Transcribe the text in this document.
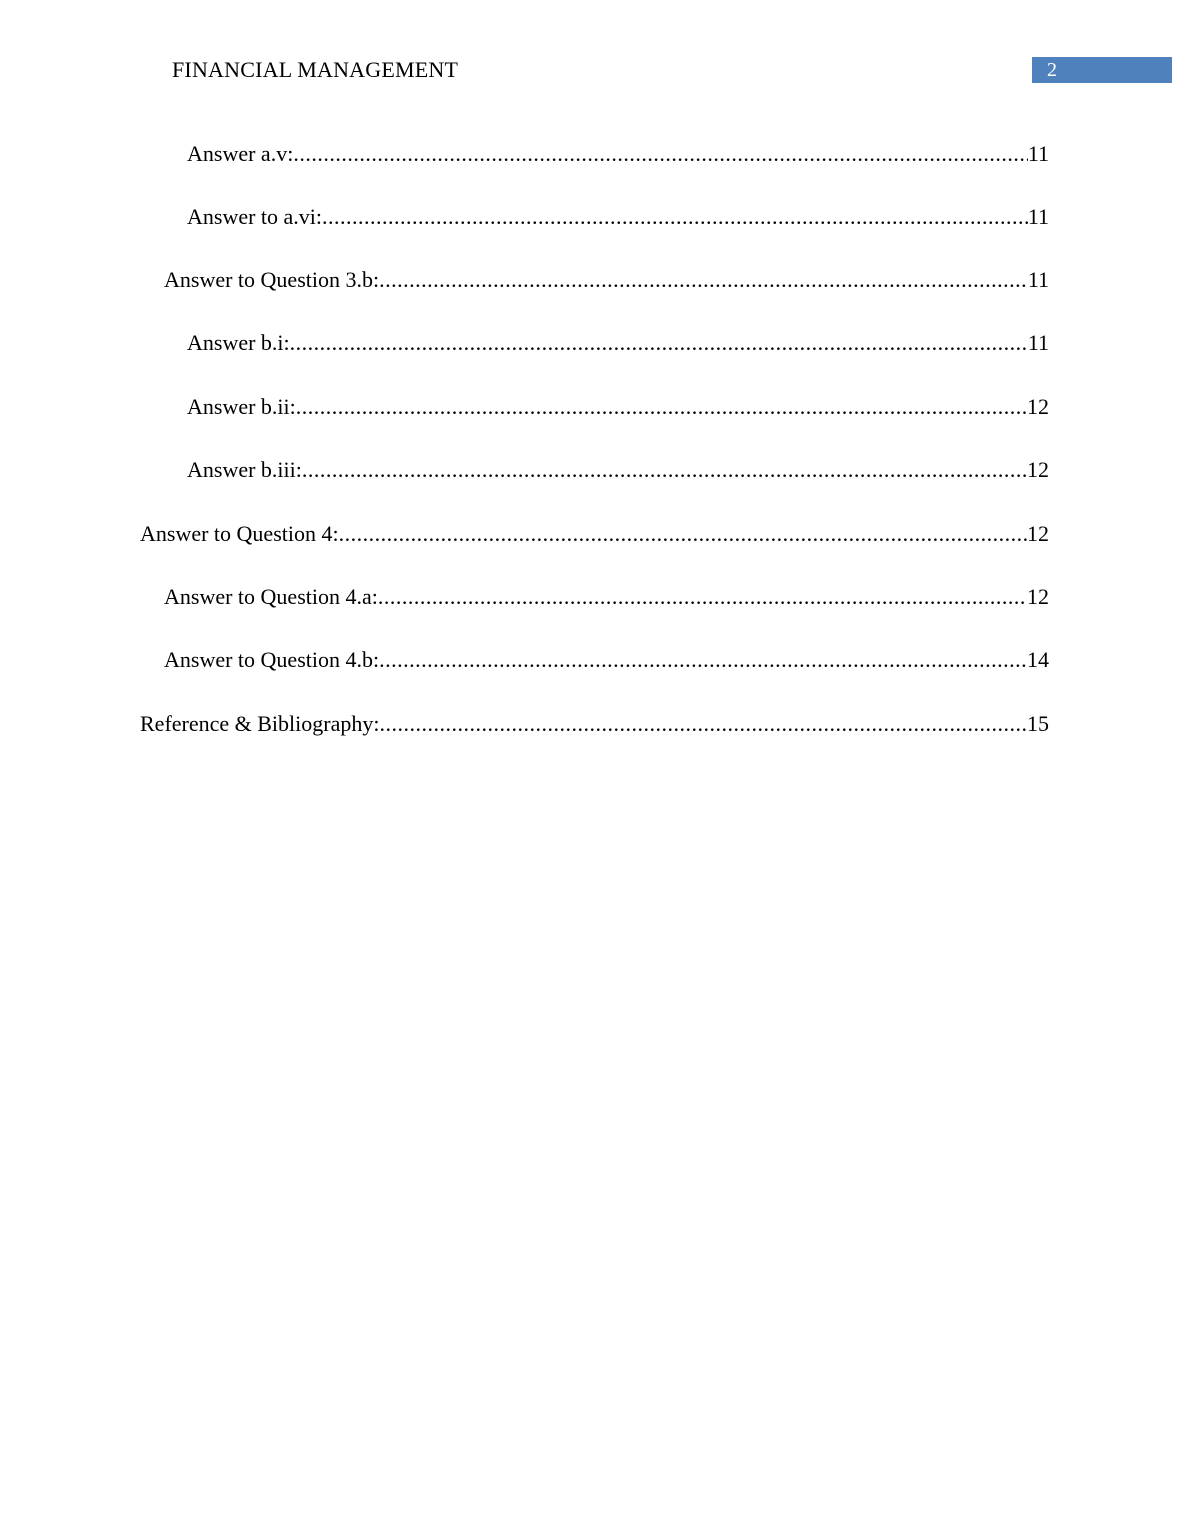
FINANCIAL MANAGEMENT	2
Answer a.v: .....	11
Answer to a.vi: .....	11
Answer to Question 3.b: .....	11
Answer b.i: .....	11
Answer b.ii: .....	12
Answer b.iii: .....	12
Answer to Question 4: .....	12
Answer to Question 4.a: .....	12
Answer to Question 4.b: .....	14
Reference & Bibliography: .....	15
